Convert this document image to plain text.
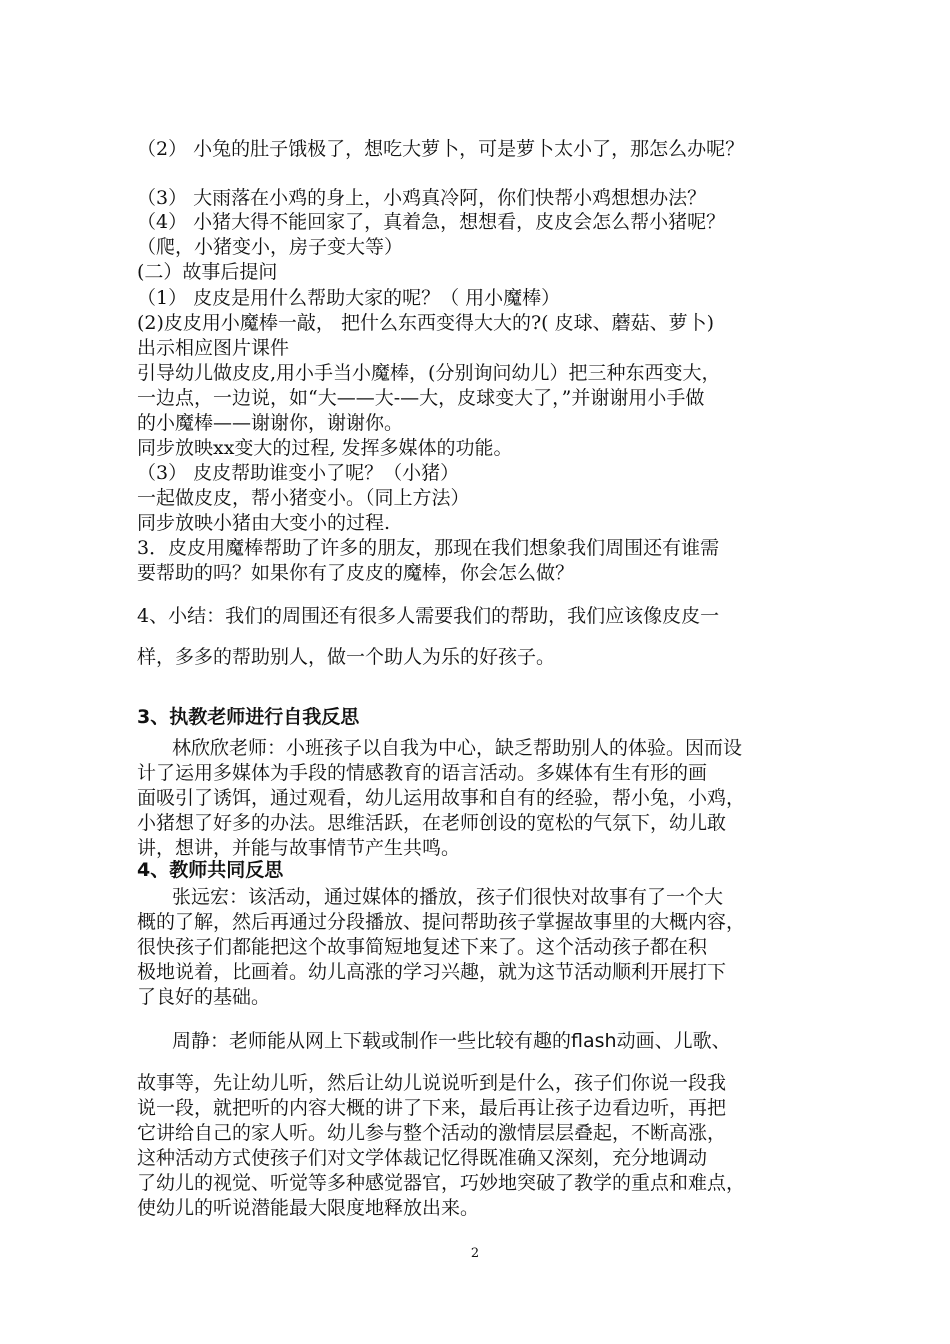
（2） 小兔的肚子饿极了，想吃大萝卜，可是萝卜太小了，那怎么办呢？
（3） 大雨落在小鸡的身上，小鸡真冷阿，你们快帮小鸡想想办法？
（4） 小猪大得不能回家了，真着急，想想看，皮皮会怎么帮小猪呢？
（爬，小猪变小，房子变大等）
(二）故事后提问
（1） 皮皮是用什么帮助大家的呢？（ 用小魔棒）
(2)皮皮用小魔棒一敲， 把什么东西变得大大的?( 皮球、蘑菇、萝卜)
出示相应图片课件
引导幼儿做皮皮,用小手当小魔棒，(分别询问幼儿）把三种东西变大，
一边点，一边说，如“大——大-—大，皮球变大了，”并谢谢用小手做
的小魔棒——谢谢你，谢谢你。
同步放映xx变大的过程, 发挥多媒体的功能。
（3） 皮皮帮助谁变小了呢？（小猪）
一起做皮皮，帮小猪变小。（同上方法）
同步放映小猪由大变小的过程.
3．皮皮用魔棒帮助了许多的朋友，那现在我们想象我们周围还有谁需
要帮助的吗？如果你有了皮皮的魔棒，你会怎么做？
4、小结：我们的周围还有很多人需要我们的帮助，我们应该像皮皮一
样，多多的帮助别人，做一个助人为乐的好孩子。
3、执教老师进行自我反思
林欣欣老师：小班孩子以自我为中心，缺乏帮助别人的体验。因而设
计了运用多媒体为手段的情感教育的语言活动。多媒体有生有形的画
面吸引了诱饵，通过观看，幼儿运用故事和自有的经验，帮小兔，小鸡，
小猪想了好多的办法。思维活跃，在老师创设的宽松的气氛下，幼儿敢
讲，想讲，并能与故事情节产生共鸣。
4、教师共同反思
张远宏：该活动，通过媒体的播放，孩子们很快对故事有了一个大
概的了解，然后再通过分段播放、提问帮助孩子掌握故事里的大概内容，
很快孩子们都能把这个故事简短地复述下来了。这个活动孩子都在积
极地说着，比画着。幼儿高涨的学习兴趣，就为这节活动顺利开展打下
了良好的基础。
周静：老师能从网上下载或制作一些比较有趣的flash动画、儿歌、
故事等，先让幼儿听，然后让幼儿说说听到是什么，孩子们你说一段我
说一段，就把听的内容大概的讲了下来，最后再让孩子边看边听，再把
它讲给自己的家人听。幼儿参与整个活动的激情层层叠起，不断高涨，
这种活动方式使孩子们对文学体裁记忆得既准确又深刻，充分地调动
了幼儿的视觉、听觉等多种感觉器官，巧妙地突破了教学的重点和难点，
使幼儿的听说潜能最大限度地释放出来。
2
